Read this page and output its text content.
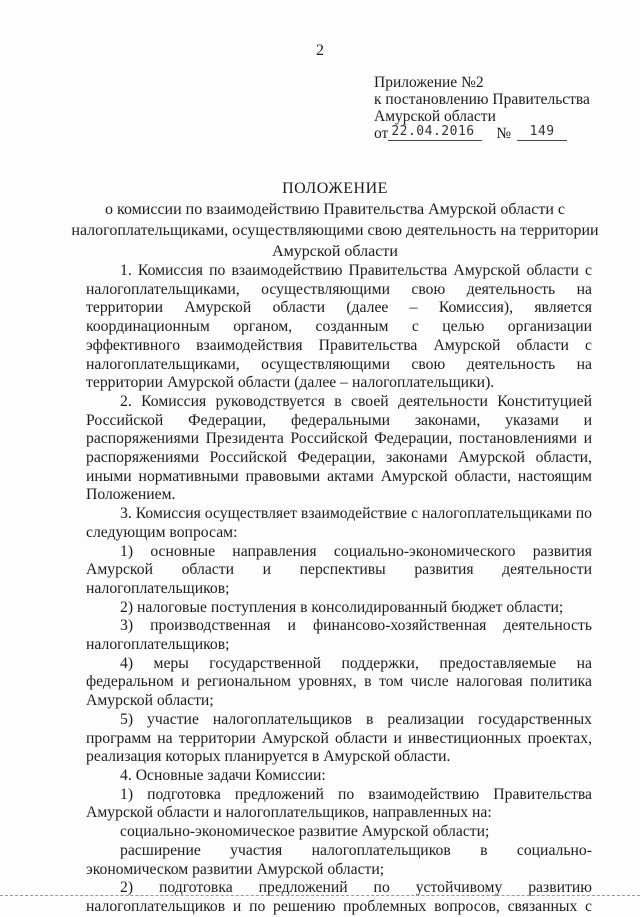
2
Приложение №2
к постановлению Правительства
Амурской области
от 22.04.2016 № 149
ПОЛОЖЕНИЕ
о комиссии по взаимодействию Правительства Амурской области с налогоплательщиками, осуществляющими свою деятельность на территории Амурской области

1. Комиссия по взаимодействию Правительства Амурской области с налогоплательщиками, осуществляющими свою деятельность на территории Амурской области (далее – Комиссия), является координационным органом, созданным с целью организации эффективного взаимодействия Правительства Амурской области с налогоплательщиками, осуществляющими свою деятельность на территории Амурской области (далее – налогоплательщики).

2. Комиссия руководствуется в своей деятельности Конституцией Российской Федерации, федеральными законами, указами и распоряжениями Президента Российской Федерации, постановлениями и распоряжениями Российской Федерации, законами Амурской области, иными нормативными правовыми актами Амурской области, настоящим Положением.

3. Комиссия осуществляет взаимодействие с налогоплательщиками по следующим вопросам:

1) основные направления социально-экономического развития Амурской области и перспективы развития деятельности налогоплательщиков;

2) налоговые поступления в консолидированный бюджет области;

3) производственная и финансово-хозяйственная деятельность налогоплательщиков;

4) меры государственной поддержки, предоставляемые на федеральном и региональном уровнях, в том числе налоговая политика Амурской области;

5) участие налогоплательщиков в реализации государственных программ на территории Амурской области и инвестиционных проектах, реализация которых планируется в Амурской области.

4. Основные задачи Комиссии:

1) подготовка предложений по взаимодействию Правительства Амурской области и налогоплательщиков, направленных на:

социально-экономическое развитие Амурской области;

расширение участия налогоплательщиков в социально-экономическом развитии Амурской области;

2) подготовка предложений по устойчивому развитию налогоплательщиков и по решению проблемных вопросов, связанных с
